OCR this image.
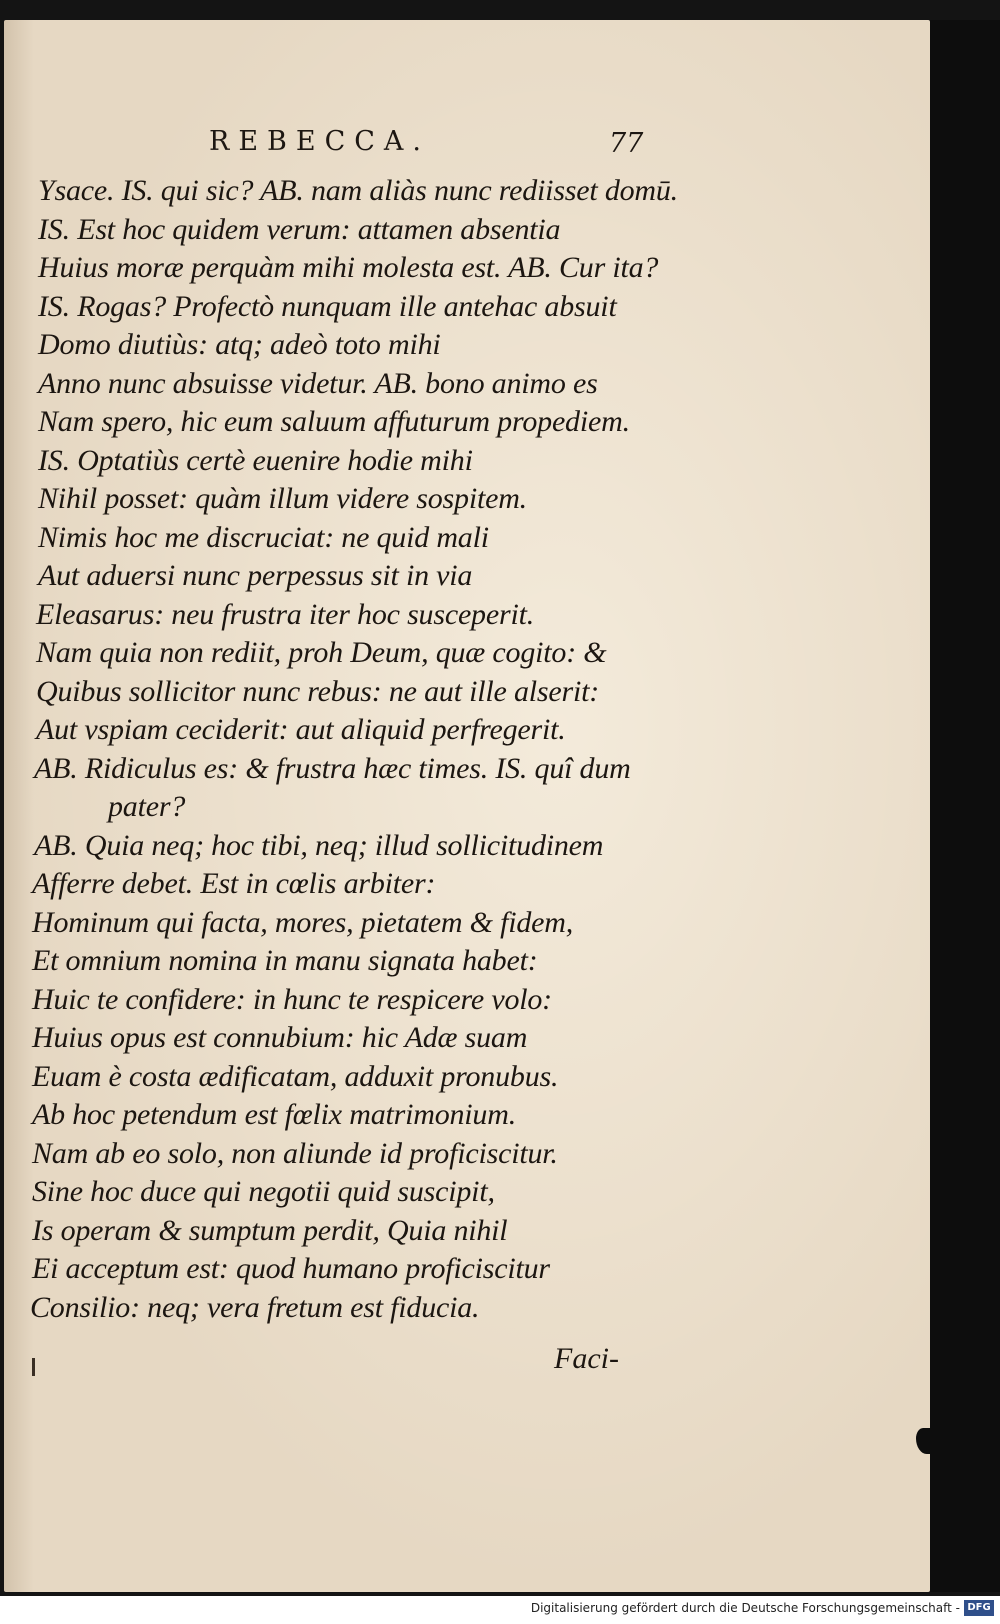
REBECCA.	77
Ysace. IS. qui sic? AB. nam aliàs nunc rediisset domū.
IS. Est hoc quidem verum: attamen absentia
Huius moræ perquàm mihi molesta est. AB. Cur ita?
IS. Rogas? Profectò nunquam ille antehac absuit
Domo diutiùs: atq; adeò toto mihi
Anno nunc absuisse videtur. AB. bono animo es
Nam spero, hic eum saluum affuturum propediem.
IS. Optatiùs certè euenire hodie mihi
Nihil posset: quàm illum videre sospitem.
Nimis hoc me discruciat: ne quid mali
Aut aduersi nunc perpessus sit in via
Eleasarus: neu frustra iter hoc susceperit.
Nam quia non rediit, proh Deum, quæ cogito: &
Quibus sollicitor nunc rebus: ne aut ille alserit:
Aut vspiam ceciderit: aut aliquid perfregerit.
AB. Ridiculus es: & frustra hæc times. IS. quî dum
pater?
AB. Quia neq; hoc tibi, neq; illud sollicitudinem
Afferre debet. Est in cœlis arbiter:
Hominum qui facta, mores, pietatem & fidem,
Et omnium nomina in manu signata habet:
Huic te confidere: in hunc te respicere volo:
Huius opus est connubium: hic Adæ suam
Euam è costa ædificatam, adduxit pronubus.
Ab hoc petendum est fœlix matrimonium.
Nam ab eo solo, non aliunde id proficiscitur.
Sine hoc duce qui negotii quid suscipit,
Is operam & sumptum perdit, Quia nihil
Ei acceptum est: quod humano proficiscitur
Consilio: neq; vera fretum est fiducia.
Faci-
Digitalisierung gefördert durch die Deutsche Forschungsgemeinschaft - DFG
